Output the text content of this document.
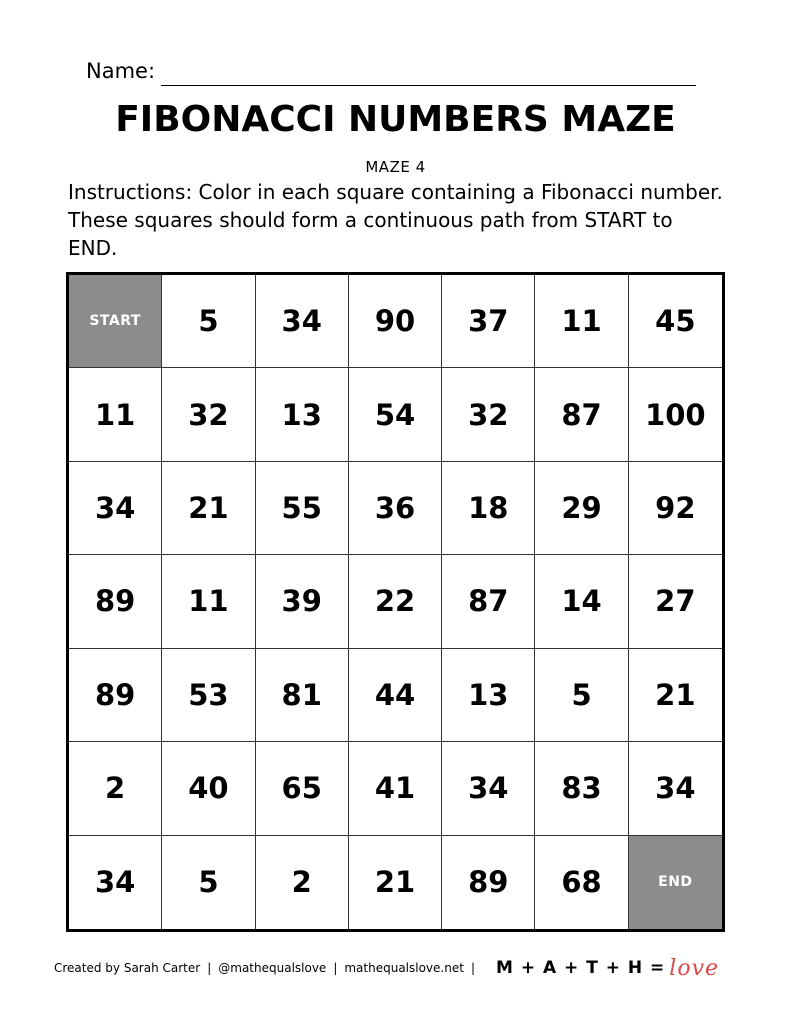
Name:
FIBONACCI NUMBERS MAZE
MAZE 4
Instructions: Color in each square containing a Fibonacci number. These squares should form a continuous path from START to END.
START	5	34	90	37	11	45
11	32	13	54	32	87	100
34	21	55	36	18	29	92
89	11	39	22	87	14	27
89	53	81	44	13	5	21
2	40	65	41	34	83	34
34	5	2	21	89	68	END
Created by Sarah Carter | @mathequalslove | mathequalslove.net | M + A + T + H = love
